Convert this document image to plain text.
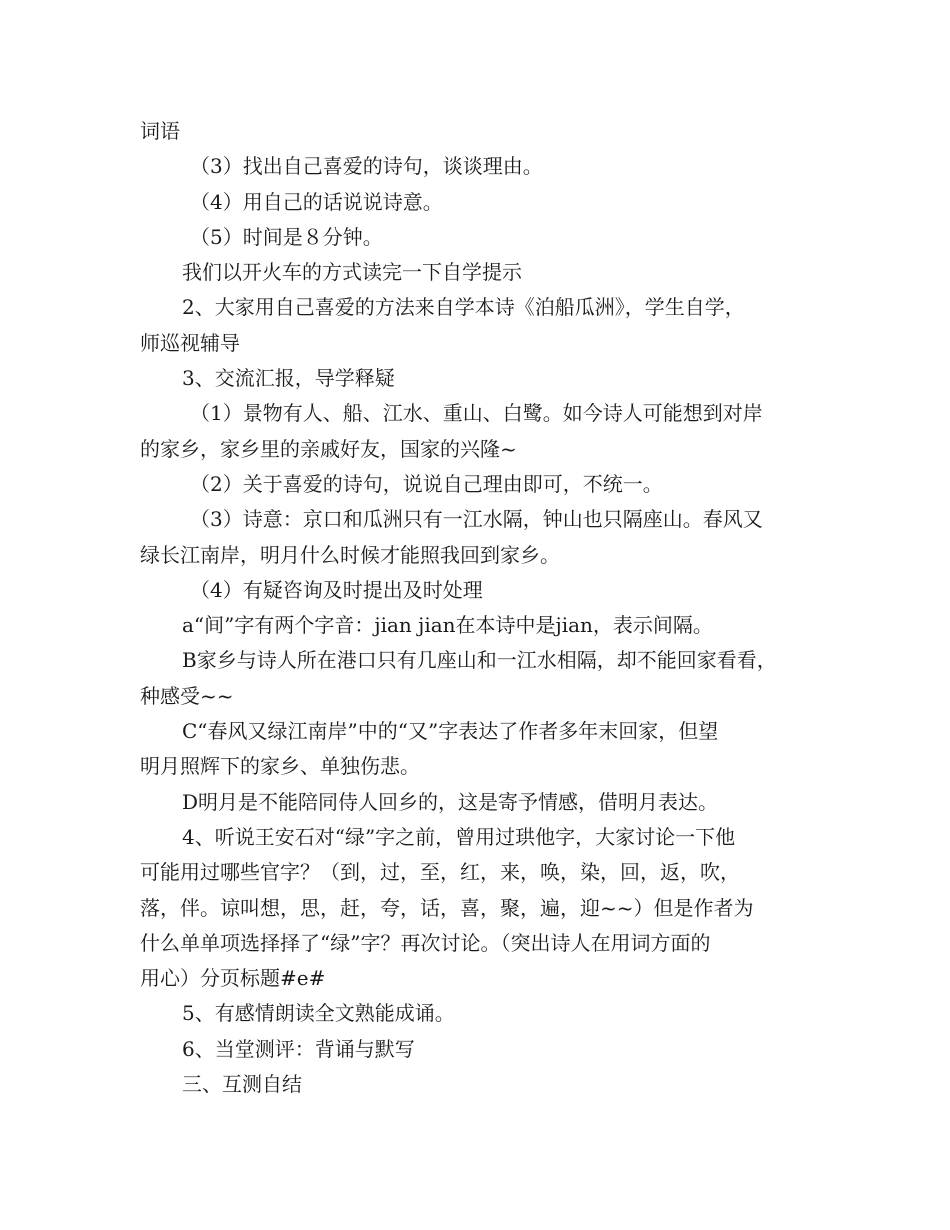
词语
（3）找出自己喜爱的诗句，谈谈理由。
（4）用自己的话说说诗意。
（5）时间是８分钟。
我们以开火车的方式读完一下自学提示
2、大家用自己喜爱的方法来自学本诗《泊船瓜洲》，学生自学，
师巡视辅导
3、交流汇报，导学释疑
（1）景物有人、船、江水、重山、白鹭。如今诗人可能想到对岸
的家乡，家乡里的亲戚好友，国家的兴隆~
（2）关于喜爱的诗句，说说自己理由即可，不统一。
（3）诗意：京口和瓜洲只有一江水隔，钟山也只隔座山。春风又
绿长江南岸，明月什么时候才能照我回到家乡。
（4）有疑咨询及时提出及时处理
a“间”字有两个字音：jian jian在本诗中是jian，表示间隔。
B家乡与诗人所在港口只有几座山和一江水相隔，却不能回家看看，
种感受~~
C“春风又绿江南岸”中的“又”字表达了作者多年末回家，但望
明月照辉下的家乡、单独伤悲。
D明月是不能陪同侍人回乡的，这是寄予情感，借明月表达。
4、听说王安石对“绿”字之前，曾用过珙他字，大家讨论一下他
可能用过哪些官字？（到，过，至，红，来，唤，染，回，返，吹，
落，伴。谅叫想，思，赶，夸，话，喜，聚，遍，迎~~）但是作者为
什么单单项选择择了“绿”字？再次讨论。（突出诗人在用词方面的
用心）分页标题#e#
5、有感情朗读全文熟能成诵。
6、当堂测评：背诵与默写
三、互测自结
